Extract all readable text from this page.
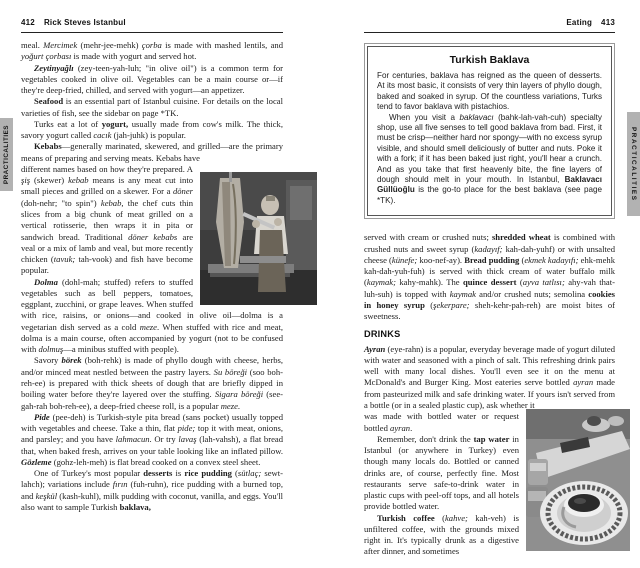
PRACTICALITIES	PRACTICALITIES
412 Rick Steves Istanbul
meal. Mercimek (mehr-jee-mehk) çorba is made with mashed lentils, and yoğurt çorbası is made with yogurt and served hot.
Zeytinyağlı (zey-teen-yah-luh; "in olive oil") is a common term for vegetables cooked in olive oil. Vegetables can be a main course or—if they're deep-fried, chilled, and served with yogurt—an appetizer.
Seafood is an essential part of Istanbul cuisine. For details on the local varieties of fish, see the sidebar on page *TK.
Turks eat a lot of yogurt, usually made from cow's milk. The thick, savory yogurt called cacık (jah-juhk) is popular.
Kebabs—generally marinated, skewered, and grilled—are the primary means of preparing and serving meats. Kebabs have
different names based on how they're prepared. A şiş (skewer) kebab means is any meat cut into small pieces and grilled on a skewer. For a döner (doh-nehr; "to spin") kebab, the chef cuts thin slices from a big chunk of meat grilled on a vertical rotisserie, then wraps it in pita or sandwich bread. Traditional döner kebabs are veal or a mix of lamb and veal, but more recently chicken (tavuk; tah-vook) and fish have become popular.
Dolma (dohl-mah; stuffed) refers to stuffed vegetables such as bell peppers, tomatoes, eggplant, zucchini, or grape leaves. When stuffed with rice, raisins, or onions—and cooked in olive oil—dolma is a vegetarian dish served as a cold meze. When stuffed with rice and meat, dolma is a main course, often accompanied by yogurt (not to be confused with dolmuş—a minibus stuffed with people).
Savory börek (boh-rehk) is made of phyllo dough with cheese, herbs, and/or minced meat nestled between the pastry layers. Su böreği (soo boh-reh-ee) is prepared with thick sheets of dough that are briefly dipped in boiling water before they're layered over the stuffing. Sigara böreği (see-gah-rah boh-reh-ee), a deep-fried cheese roll, is a popular meze.
Pide (pee-deh) is Turkish-style pita bread (sans pocket) usually topped with vegetables and cheese. Take a thin, flat pide; top it with meat, onions, and parsley; and you have lahmacun. Or try lavaş (lah-vahsh), a flat bread that, when baked fresh, arrives on your table looking like an inflated pillow. Gözleme (gohz-leh-meh) is flat bread cooked on a convex steel sheet.
One of Turkey's most popular desserts is rice pudding (sütlaç; sewt-lahch); variations include fırın (fuh-ruhn), rice pudding with a burned top, and keşkül (kash-kuhl), milk pudding with coconut, vanilla, and eggs. You'll also want to sample Turkish baklava,
Eating 413
Turkish Baklava
For centuries, baklava has reigned as the queen of desserts. At its most basic, it consists of very thin layers of phyllo dough, baked and soaked in syrup. Of the countless variations, Turks tend to favor baklava with pistachios.
When you visit a baklavacı (bahk-lah-vah-cuh) specialty shop, use all five senses to tell good baklava from bad. First, it must be crisp—neither hard nor spongy—with no excess syrup visible, and should smell deliciously of butter and nuts. Poke it with a fork; if it has been baked just right, you'll hear a crunch. And as you take that first heavenly bite, the fine layers of dough should melt in your mouth. In Istanbul, Baklavacı Güllüoğlu is the go-to place for the best baklava (see page *TK).
served with cream or crushed nuts; shredded wheat is combined with crushed nuts and sweet syrup (kadayıf; kah-dah-yuhf) or with unsalted cheese (künefe; koo-nef-ay). Bread pudding (ekmek kadayıfı; ehk-mehk kah-dah-yuh-fuh) is served with thick cream of water buffalo milk (kaymak; kahy-mahk). The quince dessert (ayva tatlısı; ahy-vah that-luh-suh) is topped with kaymak and/or crushed nuts; semolina cookies in honey syrup (şekerpare; sheh-kehr-pah-reh) are moist bites of sweetness.
DRINKS
Ayran (eye-rahn) is a popular, everyday beverage made of yogurt diluted with water and seasoned with a pinch of salt. This refreshing drink pairs well with many local dishes. You'll even see it on the menu at McDonald's and Burger King. Most eateries serve bottled ayran made from pasteurized milk and safe drinking water. If yours isn't served from a bottle (or in a sealed plastic cup), ask whether it
was made with bottled water or request bottled ayran.
Remember, don't drink the tap water in Istanbul (or anywhere in Turkey) even though many locals do. Bottled or canned drinks are, of course, perfectly fine. Most restaurants serve safe-to-drink water in plastic cups with peel-off tops, and all hotels provide bottled water.
Turkish coffee (kahve; kah-veh) is unfiltered coffee, with the grounds mixed right in. It's typically drunk as a digestive after dinner, and sometimes
